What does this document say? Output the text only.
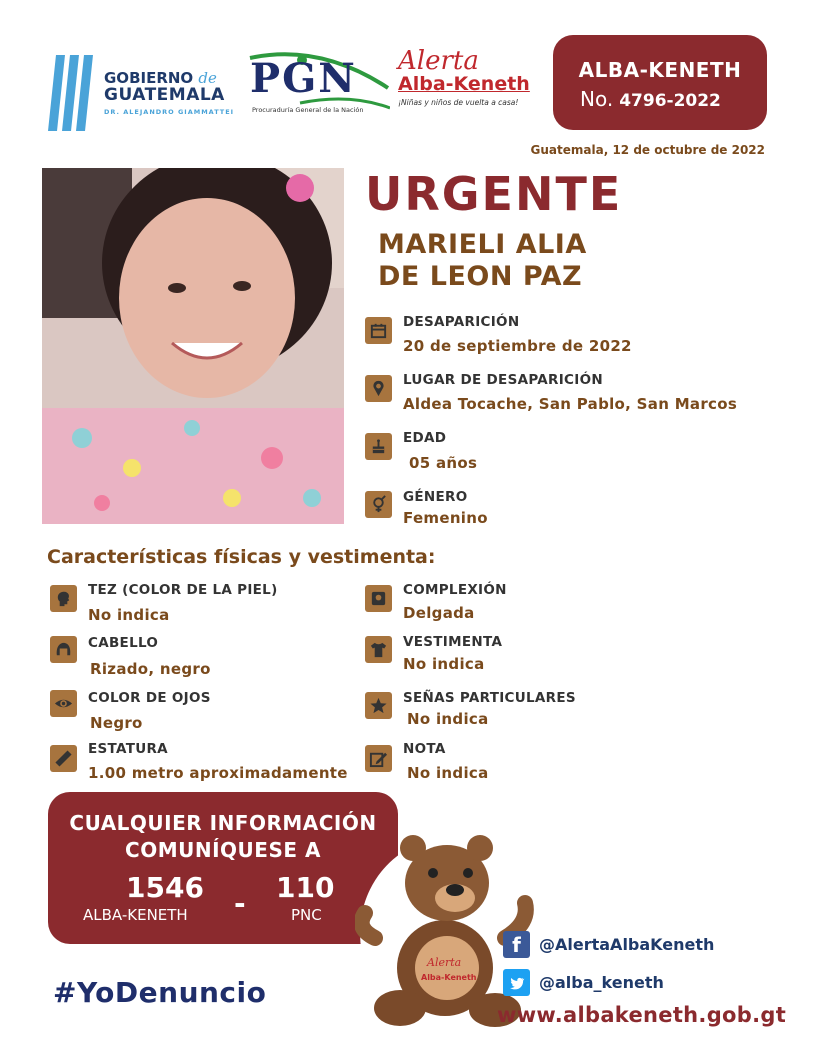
GOBIERNO de
GUATEMALA
DR. ALEJANDRO GIAMMATTEI
PGN
Procuraduría General de la Nación
Alerta
Alba-Keneth
¡Niñas y niños de vuelta a casa!
ALBA-KENETH
No. 4796-2022
Guatemala, 12 de octubre de 2022
URGENTE
MARIELI ALIA
DE LEON PAZ
DESAPARICIÓN
20 de septiembre de 2022
LUGAR DE DESAPARICIÓN
Aldea Tocache, San Pablo, San Marcos
EDAD
05 años
GÉNERO
Femenino
Características físicas y vestimenta:
TEZ (COLOR DE LA PIEL)
No indica
CABELLO
Rizado, negro
COLOR DE OJOS
Negro
ESTATURA
1.00 metro aproximadamente
COMPLEXIÓN
Delgada
VESTIMENTA
No indica
SEÑAS PARTICULARES
No indica
NOTA
No indica
CUALQUIER INFORMACIÓN
COMUNÍQUESE A
1546
ALBA-KENETH - 110
PNC
Alerta
Alba-Keneth
#YoDenuncio
f	@AlertaAlbaKeneth
@alba_keneth
www.albakeneth.gob.gt
